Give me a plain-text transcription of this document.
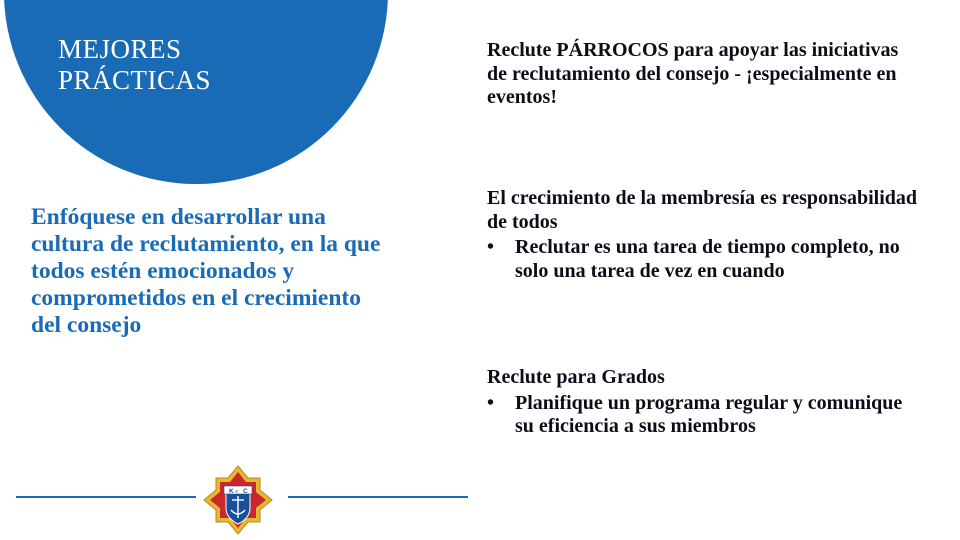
MEJORES
PRÁCTICAS
Enfóquese en desarrollar una cultura de reclutamiento, en la que todos estén emocionados y comprometidos en el crecimiento del consejo
Reclute PÁRROCOS para apoyar las iniciativas de reclutamiento del consejo - ¡especialmente en eventos!
El crecimiento de la membresía es responsabilidad de todos
•	Reclutar es una tarea de tiempo completo, no solo una tarea de vez en cuando
Reclute para Grados
•	Planifique un programa regular y comunique su eficiencia a sus miembros
K of C
